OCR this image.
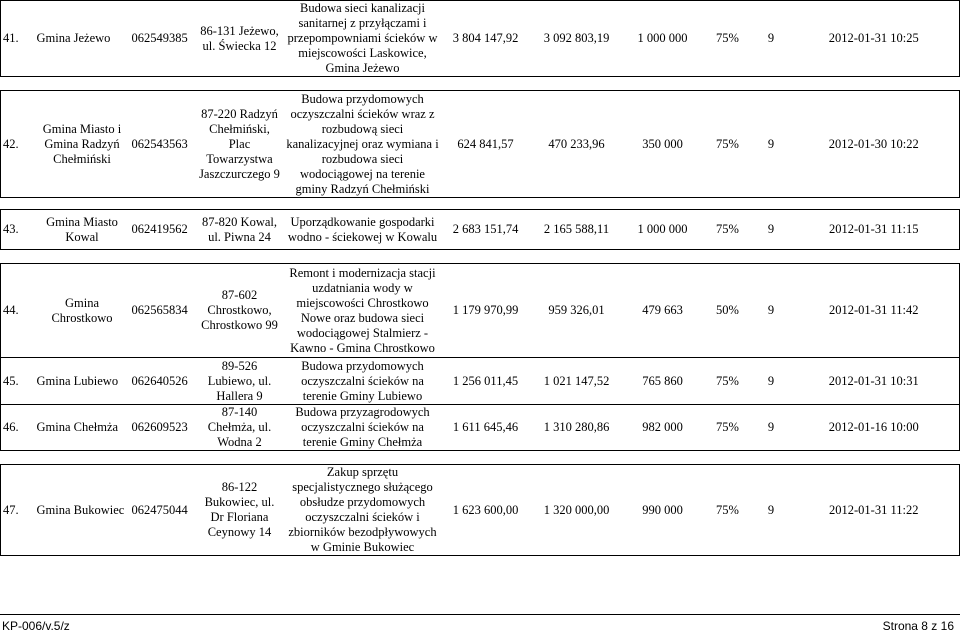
41.	Gmina Jeżewo	062549385	86-131 Jeżewo, ul. Świecka 12	Budowa sieci kanalizacji sanitarnej z przyłączami i przepompowniami ścieków w miejscowości Laskowice, Gmina Jeżewo	3 804 147,92	3 092 803,19	1 000 000	75%	9	2012-01-31 10:25

42.	Gmina Miasto i Gmina Radzyń Chełmiński	062543563	87-220 Radzyń Chełmiński, Plac Towarzystwa Jaszczurczego 9	Budowa przydomowych oczyszczalni ścieków wraz z rozbudową sieci kanalizacyjnej oraz wymiana i rozbudowa sieci wodociągowej na terenie gminy Radzyń Chełmiński	624 841,57	470 233,96	350 000	75%	9	2012-01-30 10:22

43.	Gmina Miasto Kowal	062419562	87-820 Kowal, ul. Piwna 24	Uporządkowanie gospodarki wodno - ściekowej w Kowalu	2 683 151,74	2 165 588,11	1 000 000	75%	9	2012-01-31 11:15

44.	Gmina Chrostkowo	062565834	87-602 Chrostkowo, Chrostkowo 99	Remont i modernizacja stacji uzdatniania wody w miejscowości Chrostkowo Nowe oraz budowa sieci wodociągowej Stalmierz - Kawno - Gmina Chrostkowo	1 179 970,99	959 326,01	479 663	50%	9	2012-01-31 11:42
45.	Gmina Lubiewo	062640526	89-526 Lubiewo, ul. Hallera 9	Budowa przydomowych oczyszczalni ścieków na terenie Gminy Lubiewo	1 256 011,45	1 021 147,52	765 860	75%	9	2012-01-31 10:31
46.	Gmina Chełmża	062609523	87-140 Chełmża, ul. Wodna 2	Budowa przyzagrodowych oczyszczalni ścieków na terenie Gminy Chełmża	1 611 645,46	1 310 280,86	982 000	75%	9	2012-01-16 10:00

47.	Gmina Bukowiec	062475044	86-122 Bukowiec, ul. Dr Floriana Ceynowy 14	Zakup sprzętu specjalistycznego służącego obsłudze przydomowych oczyszczalni ścieków i zbiorników bezodpływowych w Gminie Bukowiec	1 623 600,00	1 320 000,00	990 000	75%	9	2012-01-31 11:22
KP-006/v.5/z	Strona 8 z 16
